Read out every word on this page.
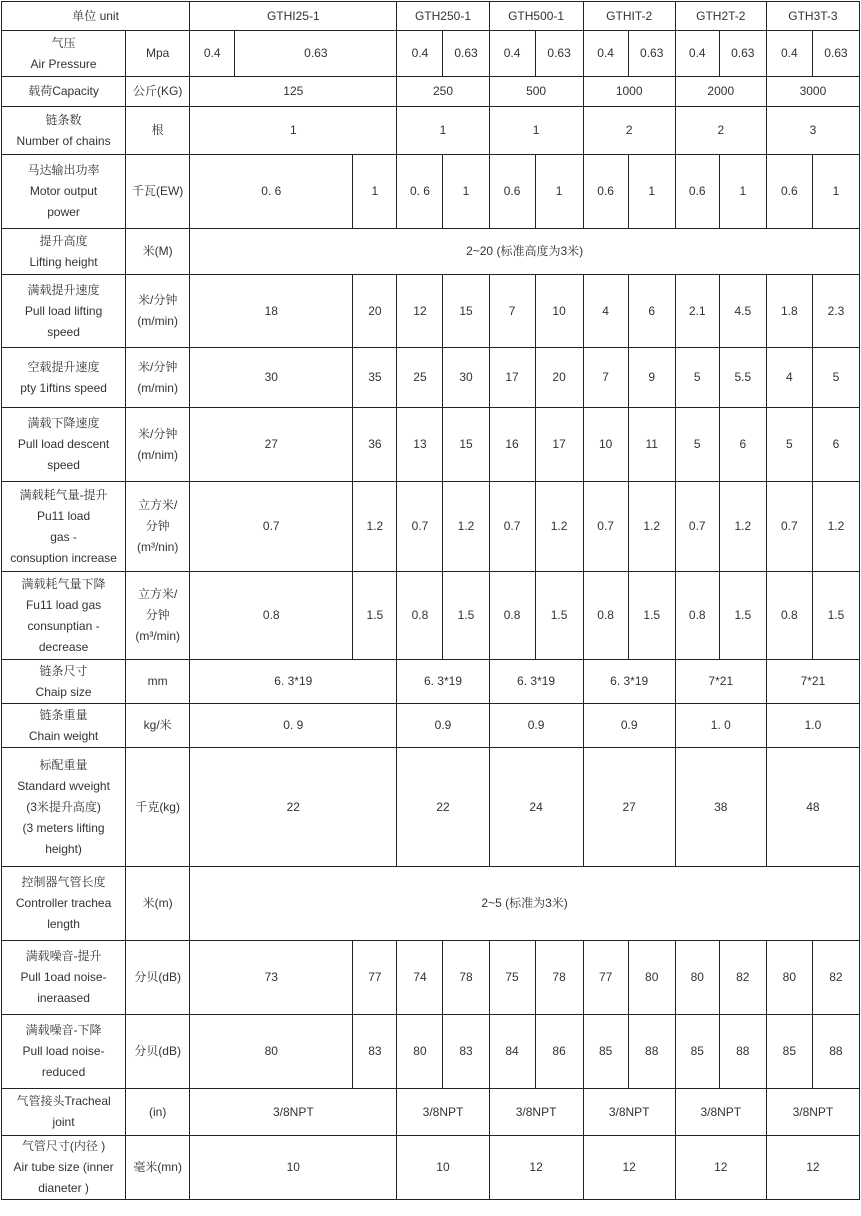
单位 unit		GTHI25-1			GTH250-1		GTH500-1		GTHIT-2		GTH2T-2		GTH3T-3	
气压
Air Pressure	Mpa	0.4	0.63		0.4	0.63	0.4	0.63	0.4	0.63	0.4	0.63	0.4	0.63
载荷Capacity	公斤(KG)	125			250		500		1000		2000		3000	
链条数
Number of chains	根	1			1		1		2		2		3	
马达输出功率
Motor output
power	千瓦(EW)	0. 6		1	0. 6	1	0.6	1	0.6	1	0.6	1	0.6	1
提升高度
Lifting height	米(M)	2~20 (标准高度为3米)												
满载提升速度
Pull load lifting
speed	米/分钟
(m/min)	18		20	12	15	7	10	4	6	2.1	4.5	1.8	2.3
空载提升速度
pty 1iftins speed	米/分钟
(m/min)	30		35	25	30	17	20	7	9	5	5.5	4	5
满载下降速度
Pull load descent
speed	米/分钟
(m/nim)	27		36	13	15	16	17	10	11	5	6	5	6
满载耗气量-提升
Pu11 load
gas -
consuption increase	立方米/
分钟
(m³/nin)	0.7		1.2	0.7	1.2	0.7	1.2	0.7	1.2	0.7	1.2	0.7	1.2
满载耗气量下降
Fu11 load gas
consunptian -
decrease	立方米/
分钟
(m³/min)	0.8		1.5	0.8	1.5	0.8	1.5	0.8	1.5	0.8	1.5	0.8	1.5
链条尺寸
Chaip size	mm	6. 3*19			6. 3*19		6. 3*19		6. 3*19		7*21		7*21	
链条重量
Chain weight	kg/米	0. 9			0.9		0.9		0.9		1. 0		1.0	
标配重量
Standard wveight
(3米提升高度)
(3 meters lifting
height)	千克(kg)	22			22		24		27		38		48	
控制器气管长度
Controller trachea
length	米(m)	2~5 (标准为3米)												
满载噪音-提升
Pull 1oad noise-
ineraased	分贝(dB)	73		77	74	78	75	78	77	80	80	82	80	82
满载噪音-下降
Pull load noise-
reduced	分贝(dB)	80		83	80	83	84	86	85	88	85	88	85	88
气管接头Tracheal
joint	(in)	3/8NPT			3/8NPT		3/8NPT		3/8NPT		3/8NPT		3/8NPT	
气管尺寸(内径 )
Air tube size (inner
dianeter )	毫米(mn)	10			10		12		12		12		12	
